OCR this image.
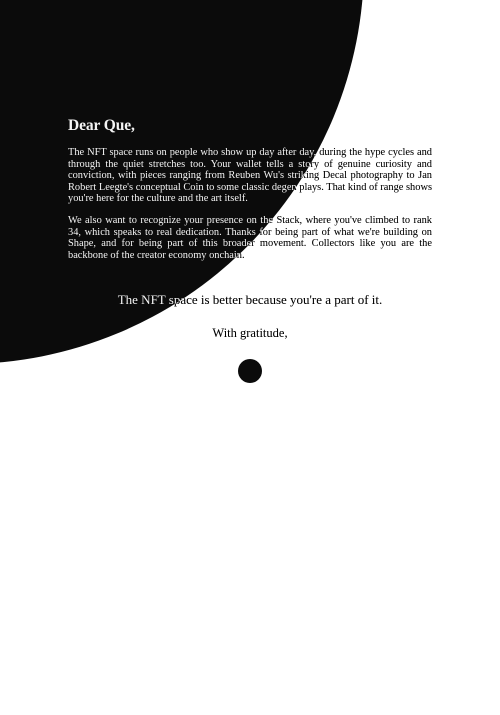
Dear Que,

The NFT space runs on people who show up day after day, during the hype cycles and through the quiet stretches too. Your wallet tells a story of genuine curiosity and conviction, with pieces ranging from Reuben Wu's striking Decal photography to Jan Robert Leegte's conceptual Coin to some classic degen plays. That kind of range shows you're here for the culture and the art itself.

We also want to recognize your presence on the Stack, where you've climbed to rank 34, which speaks to real dedication. Thanks for being part of what we're building on Shape, and for being part of this broader movement. Collectors like you are the backbone of the creator economy onchain.

The NFT space is better because you're a part of it.

With gratitude,
